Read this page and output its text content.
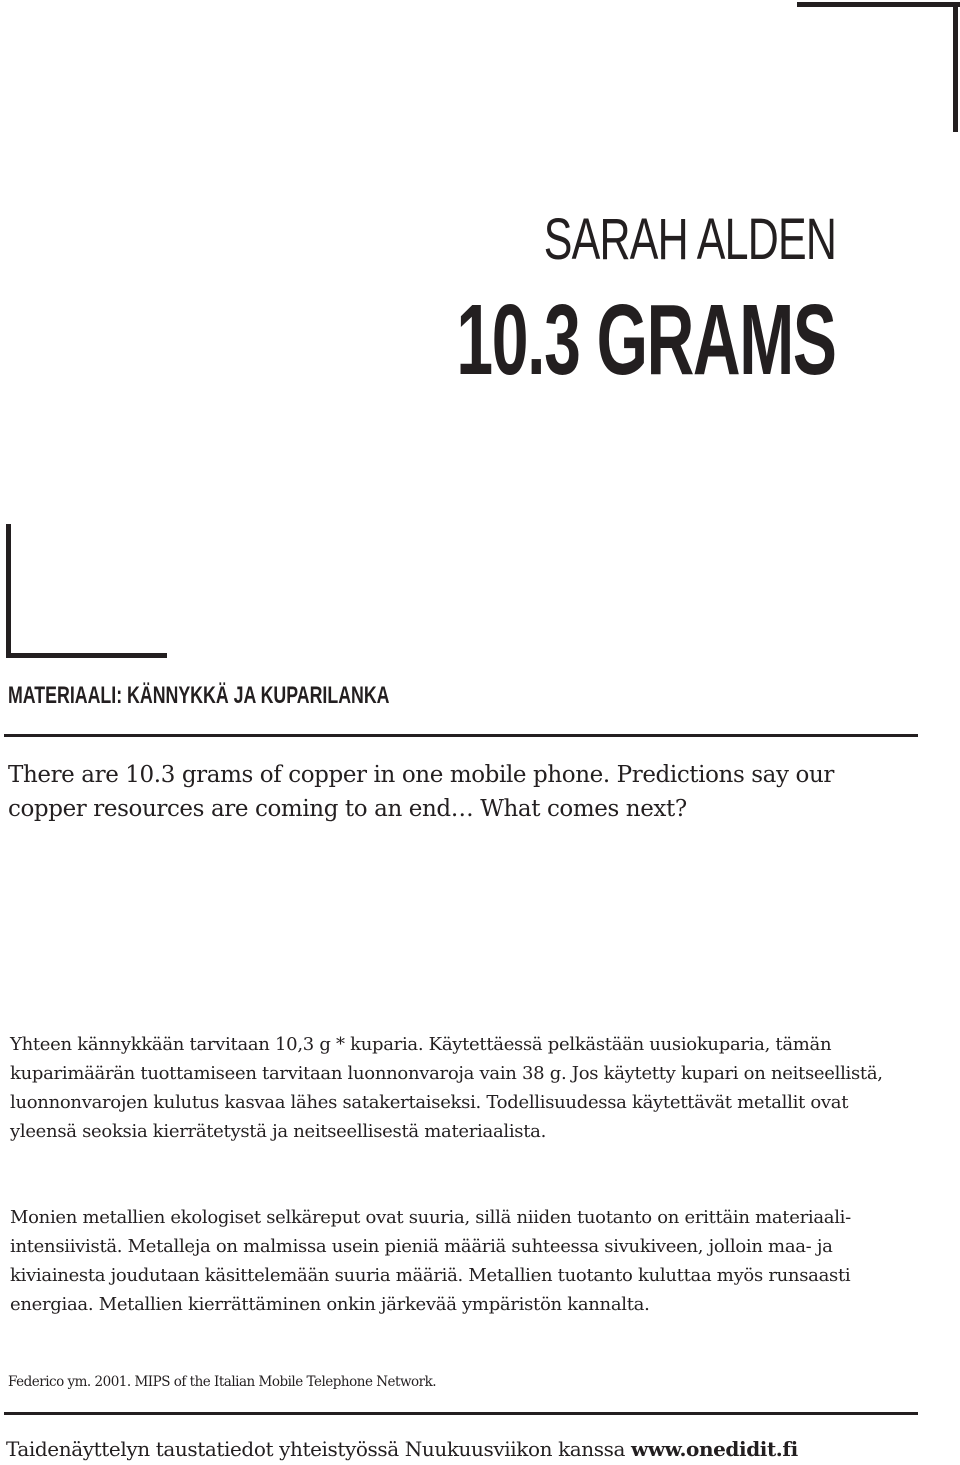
SARAH ALDEN
10.3 GRAMS
MATERIAALI: KÄNNYKKÄ JA KUPARILANKA

There are 10.3 grams of copper in one mobile phone. Predictions say our copper resources are coming to an end… What comes next?

Yhteen kännykkään tarvitaan 10,3 g * kuparia. Käytettäessä pelkästään uusiokuparia, tämän kuparimäärän tuottamiseen tarvitaan luonnonvaroja vain 38 g. Jos käytetty kupari on neitseellistä, luonnonvarojen kulutus kasvaa lähes satakertaiseksi. Todellisuudessa käytettävät metallit ovat yleensä seoksia kierrätetystä ja neitseellisestä materiaalista.

Monien metallien ekologiset selkäreput ovat suuria, sillä niiden tuotanto on erittäin materiaali-intensiivistä. Metalleja on malmissa usein pieniä määriä suhteessa sivukiveen, jolloin maa- ja kiviainesta joudutaan käsittelemään suuria määriä. Metallien tuotanto kuluttaa myös runsaasti energiaa. Metallien kierrättäminen onkin järkevää ympäristön kannalta.

Federico ym. 2001. MIPS of the Italian Mobile Telephone Network.
Taidenäyttelyn taustatiedot yhteistyössä Nuukuusviikon kanssa www.onedidit.fi
